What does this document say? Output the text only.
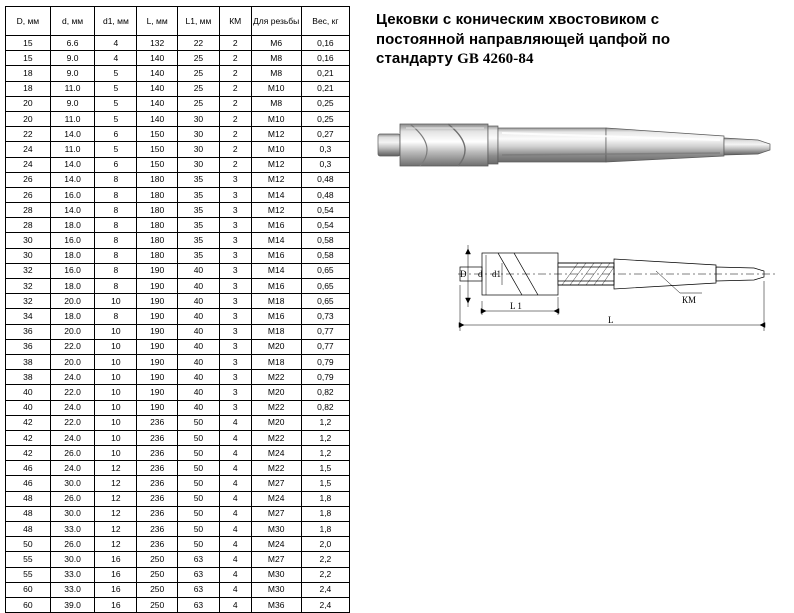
D, мм	d, мм	d1, мм	L, мм	L1, мм	КМ	Для резьбы	Вес, кг
15	6.6	4	132	22	2	М6	0,16
15	9.0	4	140	25	2	М8	0,16
18	9.0	5	140	25	2	М8	0,21
18	11.0	5	140	25	2	М10	0,21
20	9.0	5	140	25	2	М8	0,25
20	11.0	5	140	30	2	М10	0,25
22	14.0	6	150	30	2	М12	0,27
24	11.0	5	150	30	2	М10	0,3
24	14.0	6	150	30	2	М12	0,3
26	14.0	8	180	35	3	М12	0,48
26	16.0	8	180	35	3	М14	0,48
28	14.0	8	180	35	3	М12	0,54
28	18.0	8	180	35	3	М16	0,54
30	16.0	8	180	35	3	М14	0,58
30	18.0	8	180	35	3	М16	0,58
32	16.0	8	190	40	3	М14	0,65
32	18.0	8	190	40	3	М16	0,65
32	20.0	10	190	40	3	М18	0,65
34	18.0	8	190	40	3	М16	0,73
36	20.0	10	190	40	3	М18	0,77
36	22.0	10	190	40	3	М20	0,77
38	20.0	10	190	40	3	М18	0,79
38	24.0	10	190	40	3	М22	0,79
40	22.0	10	190	40	3	М20	0,82
40	24.0	10	190	40	3	М22	0,82
42	22.0	10	236	50	4	М20	1,2
42	24.0	10	236	50	4	М22	1,2
42	26.0	10	236	50	4	М24	1,2
46	24.0	12	236	50	4	М22	1,5
46	30.0	12	236	50	4	М27	1,5
48	26.0	12	236	50	4	М24	1,8
48	30.0	12	236	50	4	М27	1,8
48	33.0	12	236	50	4	М30	1,8
50	26.0	12	236	50	4	М24	2,0
55	30.0	16	250	63	4	М27	2,2
55	33.0	16	250	63	4	М30	2,2
60	33.0	16	250	63	4	М30	2,4
60	39.0	16	250	63	4	М36	2,4
Цековки с коническим хвостовиком с
постоянной направляющей цапфой по
стандарту GB 4260-84
D d d1
L 1
L
КМ
